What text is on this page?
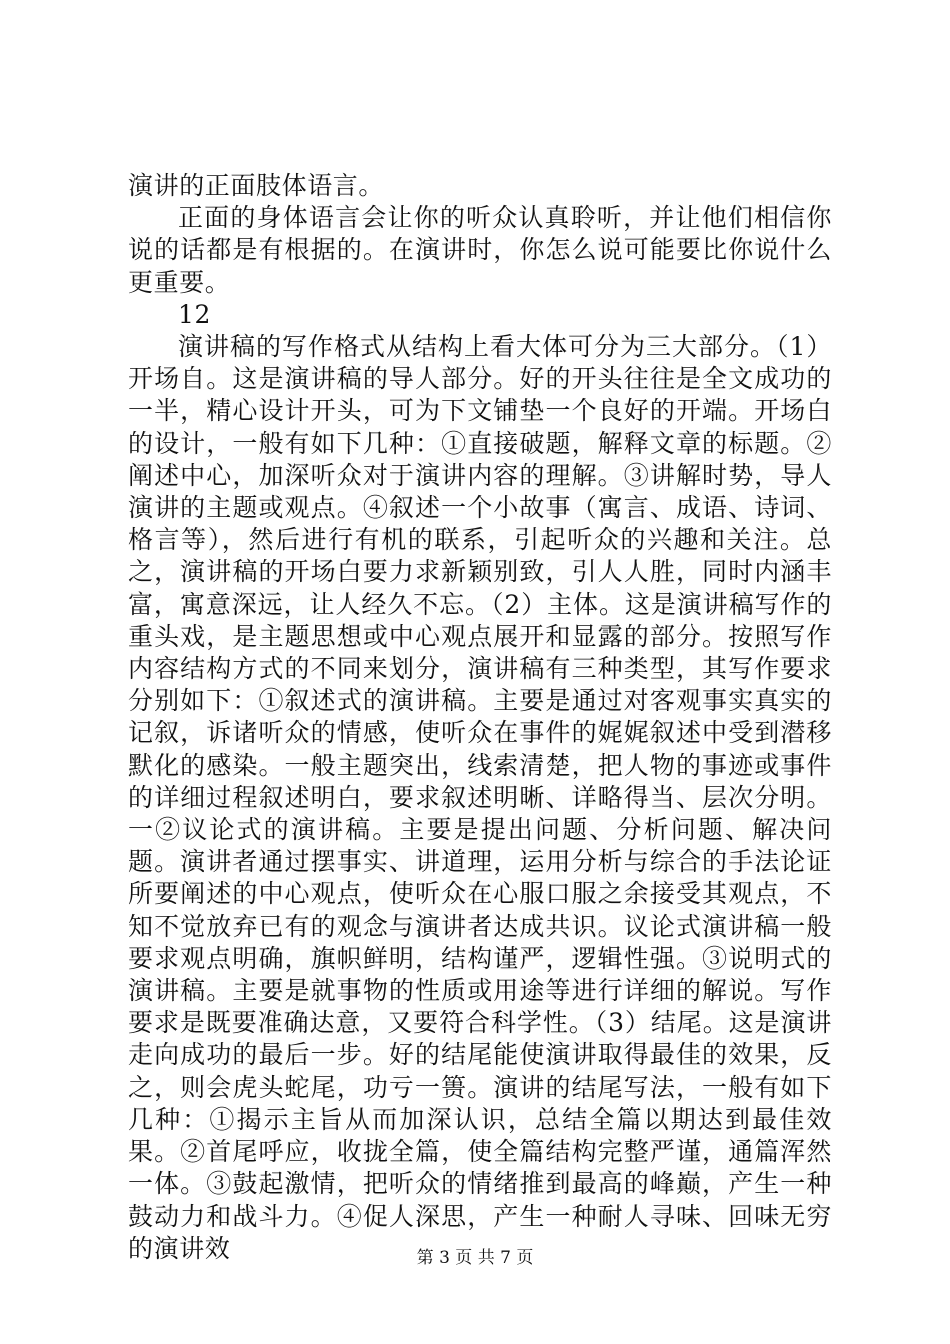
演讲的正面肢体语言。

正面的身体语言会让你的听众认真聆听，并让他们相信你说的话都是有根据的。在演讲时，你怎么说可能要比你说什么更重要。

12

演讲稿的写作格式从结构上看大体可分为三大部分。（1）开场自。这是演讲稿的导人部分。好的开头往往是全文成功的一半，精心设计开头，可为下文铺垫一个良好的开端。开场白的设计，一般有如下几种：①直接破题，解释文章的标题。②阐述中心，加深听众对于演讲内容的理解。③讲解时势，导人演讲的主题或观点。④叙述一个小故事（寓言、成语、诗词、格言等），然后进行有机的联系，引起听众的兴趣和关注。总之，演讲稿的开场白要力求新颖别致，引人人胜，同时内涵丰富，寓意深远，让人经久不忘。（2）主体。这是演讲稿写作的重头戏，是主题思想或中心观点展开和显露的部分。按照写作内容结构方式的不同来划分，演讲稿有三种类型，其写作要求分别如下：①叙述式的演讲稿。主要是通过对客观事实真实的记叙，诉诸听众的情感，使听众在事件的娓娓叙述中受到潜移默化的感染。一般主题突出，线索清楚，把人物的事迹或事件的详细过程叙述明白，要求叙述明晰、详略得当、层次分明。一②议论式的演讲稿。主要是提出问题、分析问题、解决问题。演讲者通过摆事实、讲道理，运用分析与综合的手法论证所要阐述的中心观点，使听众在心服口服之余接受其观点，不知不觉放弃已有的观念与演讲者达成共识。议论式演讲稿一般要求观点明确，旗帜鲜明，结构谨严，逻辑性强。③说明式的演讲稿。主要是就事物的性质或用途等进行详细的解说。写作要求是既要准确达意，又要符合科学性。（3）结尾。这是演讲走向成功的最后一步。好的结尾能使演讲取得最佳的效果，反之，则会虎头蛇尾，功亏一篑。演讲的结尾写法，一般有如下几种：①揭示主旨从而加深认识，总结全篇以期达到最佳效果。②首尾呼应，收拢全篇，使全篇结构完整严谨，通篇浑然一体。③鼓起激情，把听众的情绪推到最高的峰巅，产生一种鼓动力和战斗力。④促人深思，产生一种耐人寻味、回味无穷的演讲效	第 3 页 共 7 页
